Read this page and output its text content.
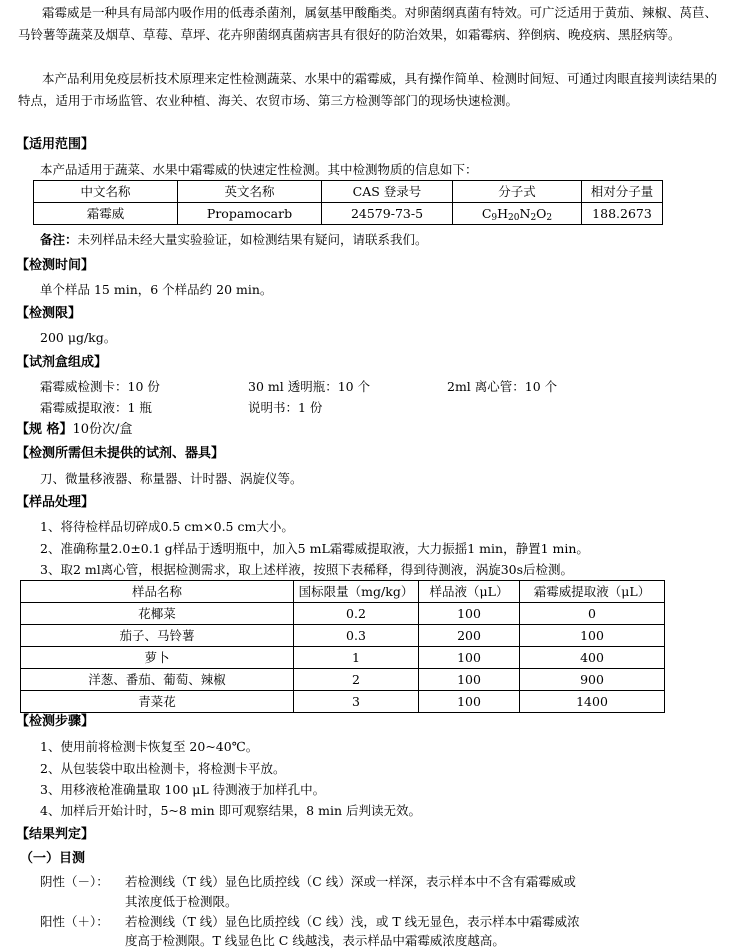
霜霉威是一种具有局部内吸作用的低毒杀菌剂，属氨基甲酸酯类。对卵菌纲真菌有特效。可广泛适用于黄茄、辣椒、莴苣、马铃薯等蔬菜及烟草、草莓、草坪、花卉卵菌纲真菌病害具有很好的防治效果，如霜霉病、猝倒病、晚疫病、黑胫病等。

本产品利用免疫层析技术原理来定性检测蔬菜、水果中的霜霉威，具有操作简单、检测时间短、可通过肉眼直接判读结果的特点，适用于市场监管、农业种植、海关、农贸市场、第三方检测等部门的现场快速检测。

【适用范围】
本产品适用于蔬菜、水果中霜霉威的快速定性检测。其中检测物质的信息如下：
中文名称	英文名称	CAS 登录号	分子式	相对分子量
霜霉威	Propamocarb	24579-73-5	$C_9H_{20}N_2O_2$	188.2673
备注：未列样品未经大量实验验证，如检测结果有疑问，请联系我们。
【检测时间】
单个样品 15 min，6 个样品约 20 min。
【检测限】
200 μg/kg。
【试剂盒组成】
霜霉威检测卡：10 份	30 ml 透明瓶：10 个	2ml 离心管：10 个
霜霉威提取液：1 瓶	说明书：1 份
【规 格】10份次/盒
【检测所需但未提供的试剂、器具】
刀、微量移液器、称量器、计时器、涡旋仪等。
【样品处理】
1、将待检样品切碎成0.5 cm×0.5 cm大小。
2、准确称量2.0±0.1 g样品于透明瓶中，加入5 mL霜霉威提取液，大力振摇1 min，静置1 min。
3、取2 ml离心管，根据检测需求，取上述样液，按照下表稀释，得到待测液，涡旋30s后检测。
样品名称	国标限量（mg/kg）	样品液（μL）	霜霉威提取液（μL）
花椰菜	0.2	100	0
茄子、马铃薯	0.3	200	100
萝卜	1	100	400
洋葱、番茄、葡萄、辣椒	2	100	900
青菜花	3	100	1400
【检测步骤】
1、使用前将检测卡恢复至 20~40℃。
2、从包装袋中取出检测卡，将检测卡平放。
3、用移液枪准确量取 100 μL 待测液于加样孔中。
4、加样后开始计时，5~8 min 即可观察结果，8 min 后判读无效。
【结果判定】
（一）目测
阴性（－）： 若检测线（T 线）显色比质控线（C 线）深或一样深，表示样本中不含有霜霉威或
其浓度低于检测限。
阳性（＋）： 若检测线（T 线）显色比质控线（C 线）浅，或 T 线无显色，表示样本中霜霉威浓
度高于检测限。T 线显色比 C 线越浅，表示样品中霜霉威浓度越高。
